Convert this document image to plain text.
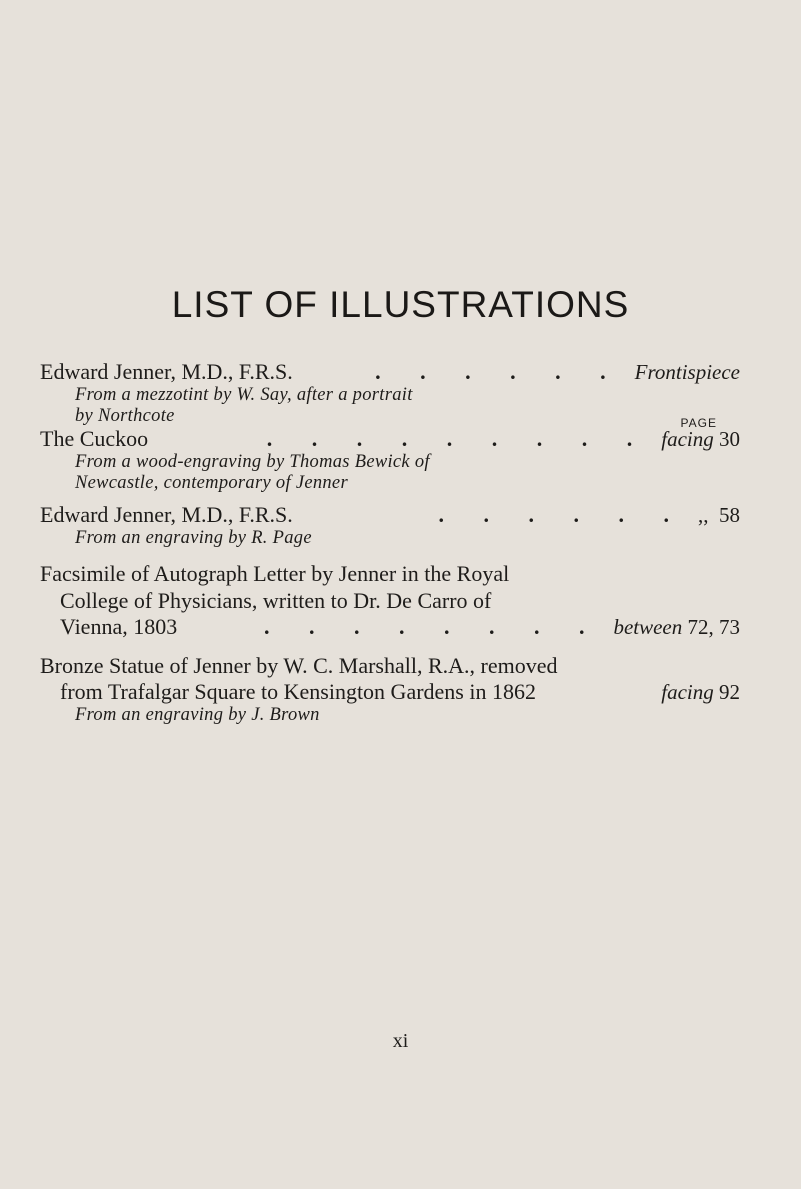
LIST OF ILLUSTRATIONS
PAGE
Edward Jenner, M.D., F.R.S.	. . . . . . Frontispiece
From a mezzotint by W. Say, after a portrait
by Northcote
The Cuckoo	. . . . . . . . . facing 30
From a wood-engraving by Thomas Bewick of
Newcastle, contemporary of Jenner
Edward Jenner, M.D., F.R.S.	. . . . . . ,, 58
From an engraving by R. Page
Facsimile of Autograph Letter by Jenner in the Royal
College of Physicians, written to Dr. De Carro of
Vienna, 1803	. . . . . . . . between 72, 73
Bronze Statue of Jenner by W. C. Marshall, R.A., removed
from Trafalgar Square to Kensington Gardens in 1862	facing 92
From an engraving by J. Brown
xi
